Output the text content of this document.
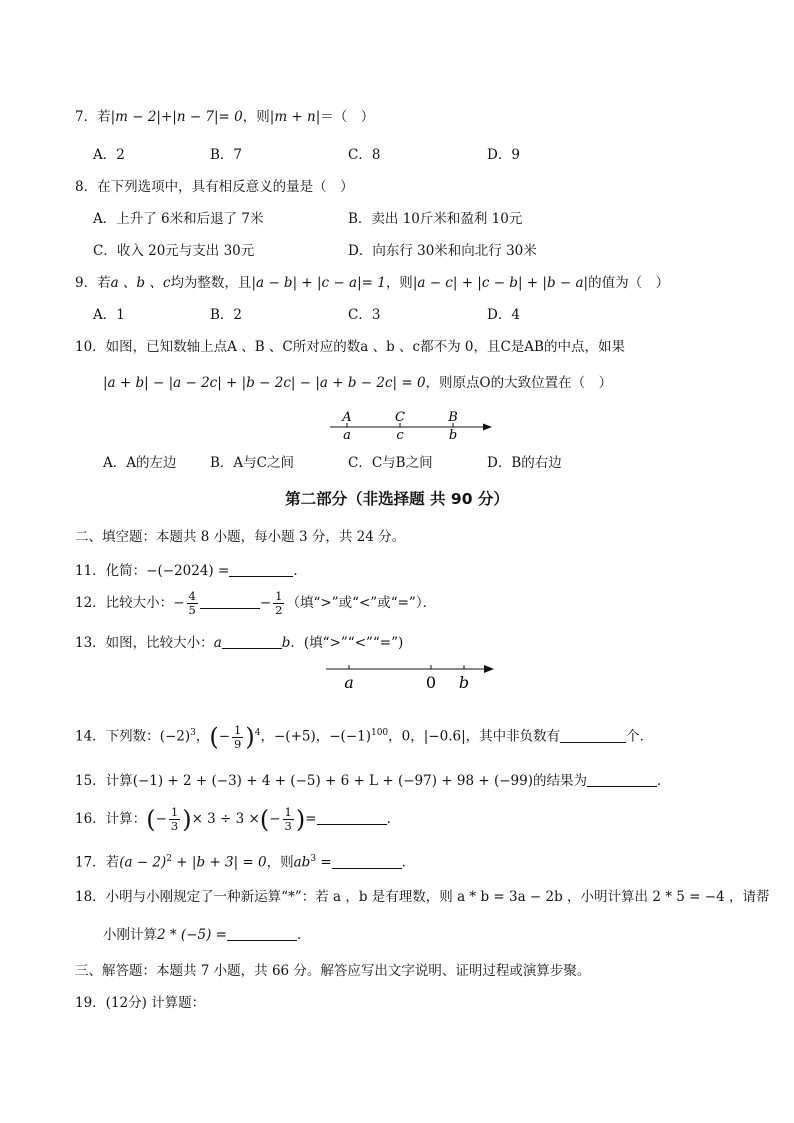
7．若|m − 2|+|n − 7|= 0，则|m + n|＝（　）
A．2	B．7	C．8	D．9
8．在下列选项中，具有相反意义的量是（　）
A．上升了 6米和后退了 7米	B．卖出 10斤米和盈利 10元
C．收入 20元与支出 30元	D．向东行 30米和向北行 30米
9．若a 、b 、c均为整数，且|a − b| + |c − a|= 1，则|a − c| + |c − b| + |b − a|的值为（　）
A．1	B．2	C．3	D．4
10．如图，已知数轴上点A 、B 、C所对应的数a 、b 、c都不为 0，且C是AB的中点，如果
|a + b| − |a − 2c| + |b − 2c| − |a + b − 2c| = 0，则原点O的大致位置在（　）
A	C	B
a	c	b
A．A的左边 B．A与C之间	C．C与B之间	D．B的右边
第二部分（非选择题 共 90 分）
二、填空题：本题共 8 小题，每小题 3 分，共 24 分。
11．化简：−(−2024) =	．
12．比较大小：− $\frac{4}{5}$	− $\frac{1}{2}$ （填“>”或“<”或“=”）．
13．如图，比较大小：a	b．(填“>”“<”“=”)
a	0 b
14．下列数：$(-2)^3$，(− $\frac{1}{9} )^4$，−(+5)，$-(-1)^{100}$，0，|−0.6|，其中非负数有	个．
15．计算(−1) + 2 + (−3) + 4 + (−5) + 6 + L + (−97) + 98 + (−99)的结果为	．
16．计算：(− $\frac{1}{3}$ )× 3 ÷ 3 ×(− $\frac{1}{3}$ )=	．
17．若$(a - 2)^2 + |b + 3| = 0$，则$ab^3$ =	．
18．小明与小刚规定了一种新运算“*”：若 a ，b 是有理数，则 a * b = 3a − 2b ，小明计算出 2 * 5 = −4 ，请帮
小刚计算2 * (−5) =	．
三、解答题：本题共 7 小题，共 66 分。解答应写出文字说明、证明过程或演算步聚。
19．(12分) 计算题：
